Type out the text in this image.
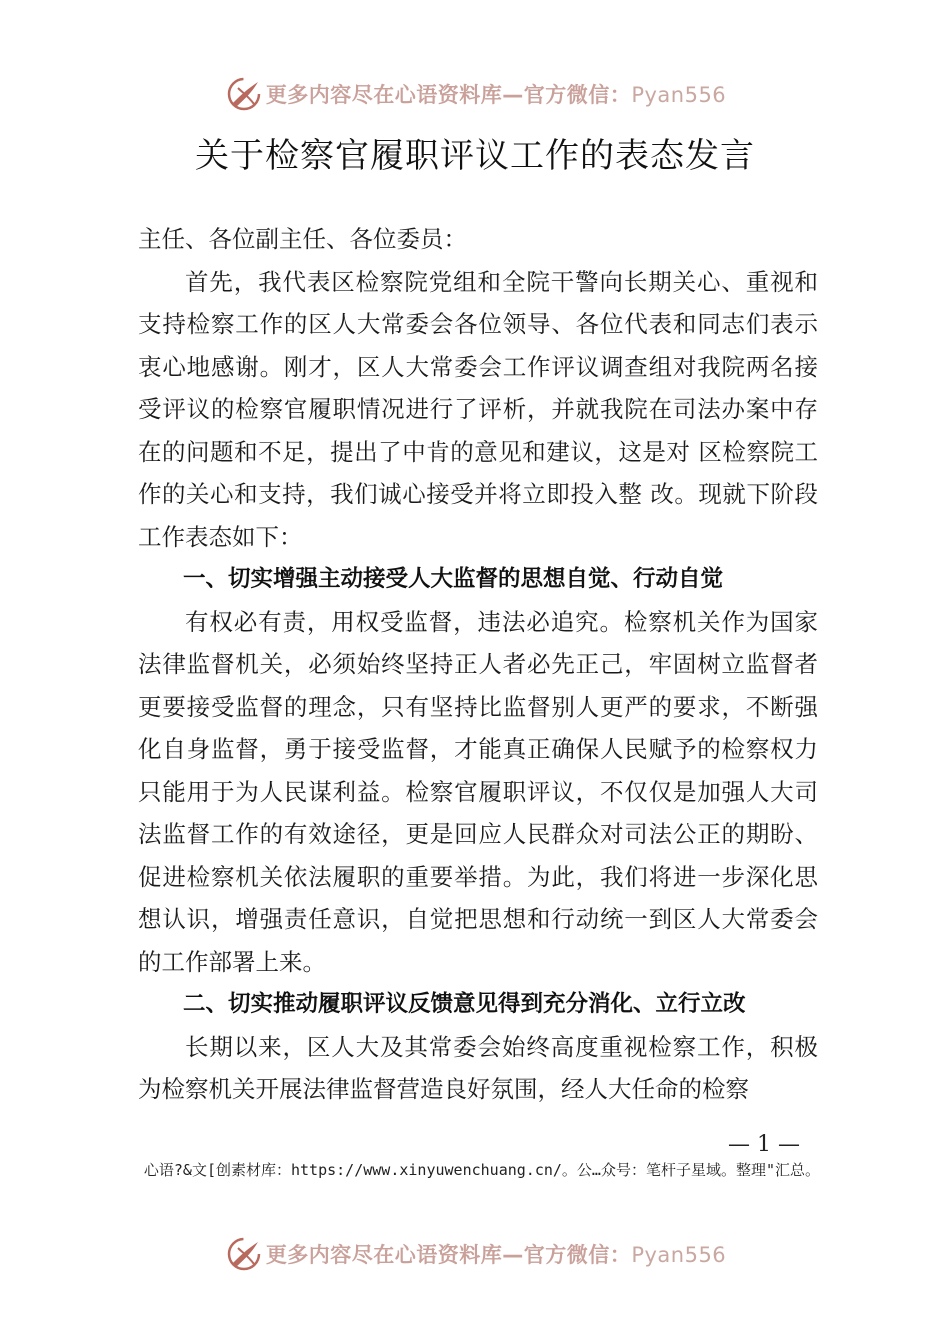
更多内容尽在心语资料库—官方微信：Pyan556
关于检察官履职评议工作的表态发言

主任、各位副主任、各位委员：

首先，我代表区检察院党组和全院干警向长期关心、重视和支持检察工作的区人大常委会各位领导、各位代表和同志们表示衷心地感谢。刚才，区人大常委会工作评议调查组对我院两名接受评议的检察官履职情况进行了评析，并就我院在司法办案中存在的问题和不足，提出了中肯的意见和建议，这是对 区检察院工作的关心和支持，我们诚心接受并将立即投入整 改。现就下阶段工作表态如下：

一、切实增强主动接受人大监督的思想自觉、行动自觉

有权必有责，用权受监督，违法必追究。检察机关作为国家法律监督机关，必须始终坚持正人者必先正己，牢固树立监督者更要接受监督的理念，只有坚持比监督别人更严的要求，不断强化自身监督，勇于接受监督，才能真正确保人民赋予的检察权力只能用于为人民谋利益。检察官履职评议，不仅仅是加强人大司法监督工作的有效途径，更是回应人民群众对司法公正的期盼、促进检察机关依法履职的重要举措。为此，我们将进一步深化思想认识，增强责任意识，自觉把思想和行动统一到区人大常委会的工作部署上来。

二、切实推动履职评议反馈意见得到充分消化、立行立改

长期以来，区人大及其常委会始终高度重视检察工作，积极为检察机关开展法律监督营造良好氛围，经人大任命的检察

— 1 —
心语?&文[创素材库：https://www.xinyuwenchuang.cn/。公…众号：笔杆子星域。整理"汇总。
更多内容尽在心语资料库—官方微信：Pyan556
